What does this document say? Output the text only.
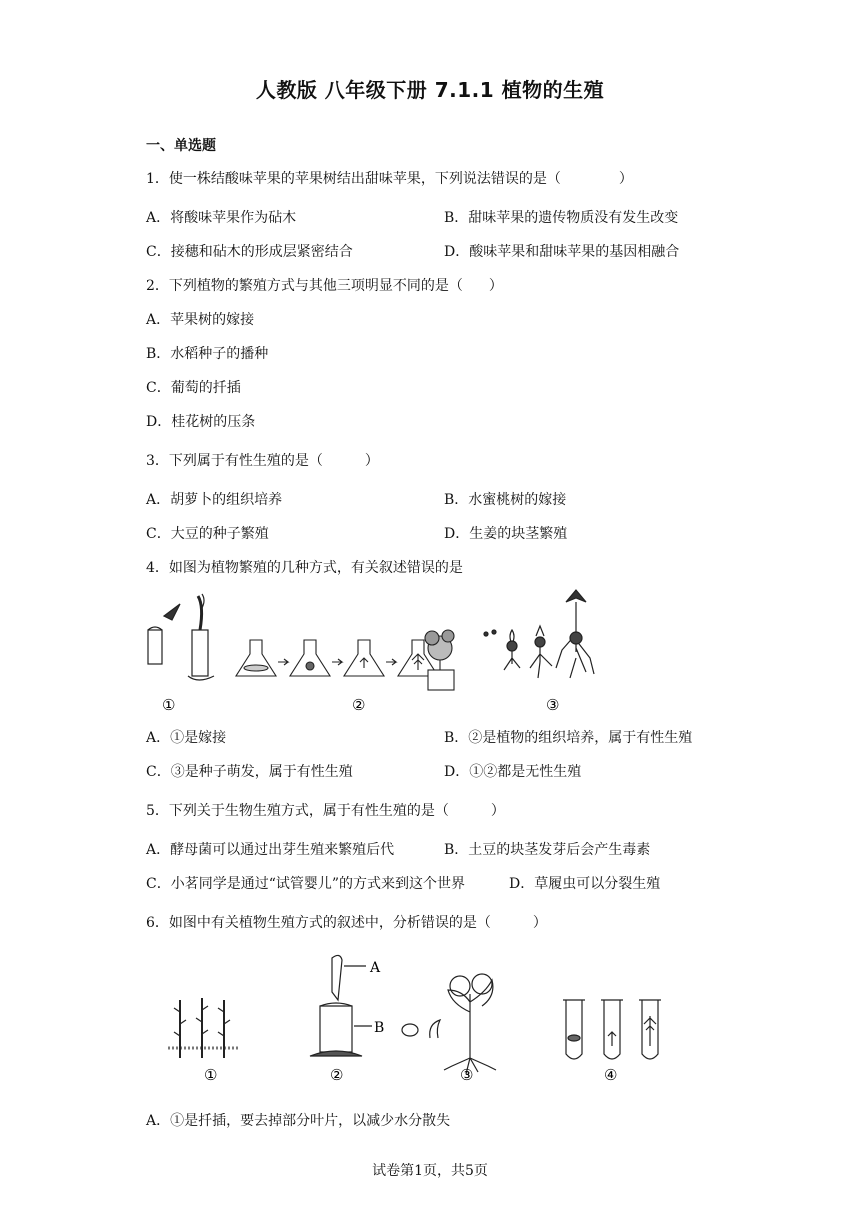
人教版 八年级下册 7.1.1 植物的生殖
一、单选题
1．使一株结酸味苹果的苹果树结出甜味苹果，下列说法错误的是（	）
A．将酸味苹果作为砧木	B．甜味苹果的遗传物质没有发生改变
C．接穗和砧木的形成层紧密结合	D．酸味苹果和甜味苹果的基因相融合
2．下列植物的繁殖方式与其他三项明显不同的是（ ）
A．苹果树的嫁接
B．水稻种子的播种
C．葡萄的扦插
D．桂花树的压条
3．下列属于有性生殖的是（	）
A．胡萝卜的组织培养	B．水蜜桃树的嫁接
C．大豆的种子繁殖	D．生姜的块茎繁殖
4．如图为植物繁殖的几种方式，有关叙述错误的是
①	②	③
A．①是嫁接	B．②是植物的组织培养，属于有性生殖
C．③是种子萌发，属于有性生殖	D．①②都是无性生殖
5．下列关于生物生殖方式，属于有性生殖的是（	）
A．酵母菌可以通过出芽生殖来繁殖后代	B．土豆的块茎发芽后会产生毒素
C．小茗同学是通过“试管婴儿”的方式来到这个世界	D．草履虫可以分裂生殖
6．如图中有关植物生殖方式的叙述中，分析错误的是（	）
A
B
①	②	③	④
A．①是扦插，要去掉部分叶片，以减少水分散失
试卷第1页，共5页
